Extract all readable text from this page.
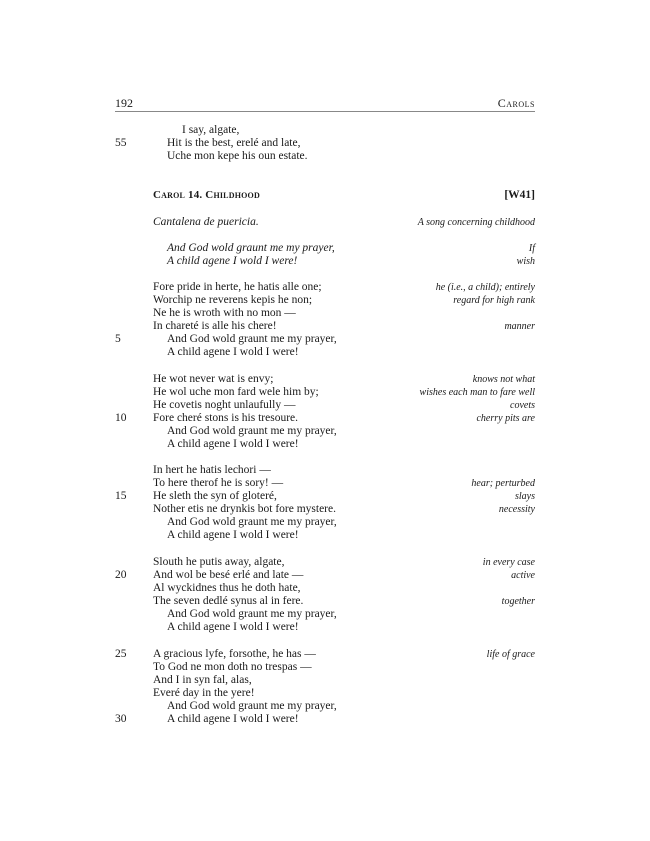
192	Carols
I say, algate,
55	Hit is the best, erelé and late,
Uche mon kepe his oun estate.
Carol 14. Childhood	[W41]
Cantalena de puericia.	A song concerning childhood
And God wold graunt me my prayer,	If
A child agene I wold I were!	wish
Fore pride in herte, he hatis alle one;	he (i.e., a child); entirely
Worchip ne reverens kepis he non;	regard for high rank
Ne he is wroth with no mon —
In chareté is alle his chere!	manner
5	And God wold graunt me my prayer,
A child agene I wold I were!
He wot never wat is envy;	knows not what
He wol uche mon fard wele him by;	wishes each man to fare well
He covetis noght unlaufully —	covets
10 Fore cheré stons is his tresoure.	cherry pits are
And God wold graunt me my prayer,
A child agene I wold I were!
In hert he hatis lechori —
To here therof he is sory! —	hear; perturbed
15 He sleth the syn of gloteré,	slays
Nother etis ne drynkis bot fore mystere.	necessity
And God wold graunt me my prayer,
A child agene I wold I were!
Slouth he putis away, algate,	in every case
20 And wol be besé erlé and late —	active
Al wyckidnes thus he doth hate,
The seven dedlé synus al in fere.	together
And God wold graunt me my prayer,
A child agene I wold I were!
25 A gracious lyfe, forsothe, he has —	life of grace
To God ne mon doth no trespas —
And I in syn fal, alas,
Everé day in the yere!
And God wold graunt me my prayer,
30	A child agene I wold I were!
